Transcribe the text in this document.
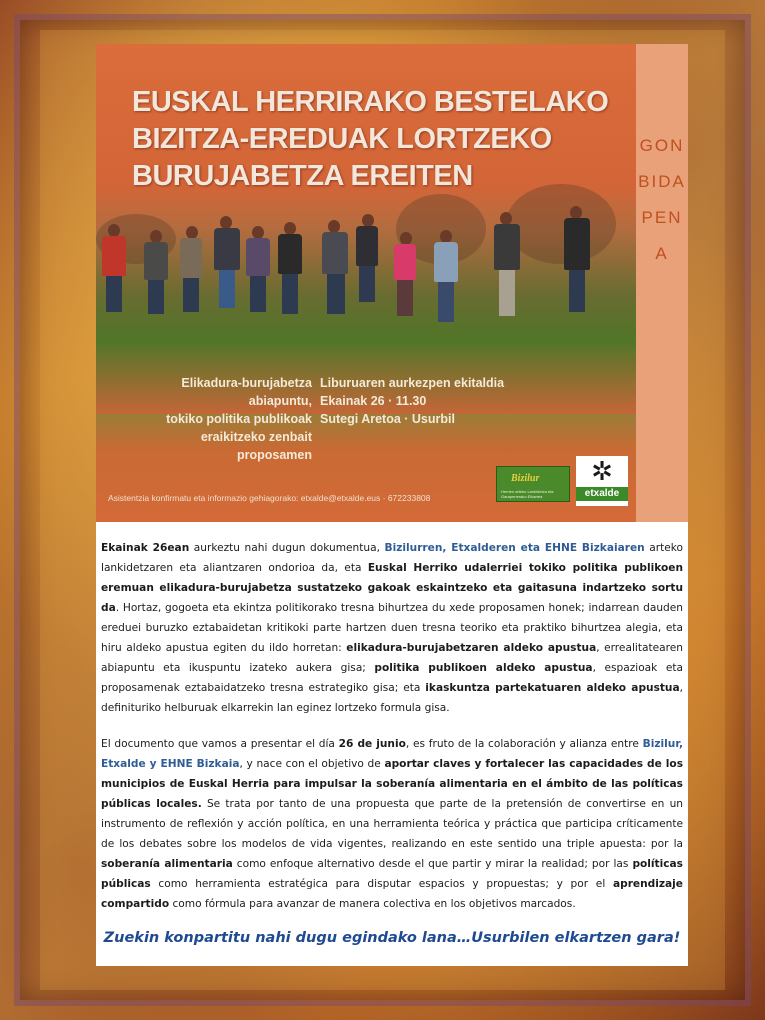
EUSKAL HERRIRAKO BESTELAKO
BIZITZA-EREDUAK LORTZEKO
BURUJABETZA EREITEN
GONBIDAPENA
Elikadura-burujabetza abiapuntu,
tokiko politika publikoak
eraikitzeko zenbait proposamen
Liburuaren aurkezpen ekitaldia
Ekainak 26 · 11.30
Sutegi Aretoa · Usurbil
Asistentzia konfirmatu eta informazio gehiagorako: etxalde@etxalde.eus · 672233808
Bizilur
Herrien arteko Lankidetza eta Garapenerako Elkartea
✲
etxalde

Ekainak 26ean aurkeztu nahi dugun dokumentua, Bizilurren, Etxalderen eta EHNE Bizkaiaren arteko lankidetzaren eta aliantzaren ondorioa da, eta Euskal Herriko udalerriei tokiko politika publikoen eremuan elikadura-burujabetza sustatzeko gakoak eskaintzeko eta gaitasuna indartzeko sortu da. Hortaz, gogoeta eta ekintza politikorako tresna bihurtzea du xede proposamen honek; indarrean dauden ereduei buruzko eztabaidetan kritikoki parte hartzen duen tresna teoriko eta praktiko bihurtzea alegia, eta hiru aldeko apustua egiten du ildo horretan: elikadura-burujabetzaren aldeko apustua, errealitatearen abiapuntu eta ikuspuntu izateko aukera gisa; politika publikoen aldeko apustua, espazioak eta proposamenak eztabaidatzeko tresna estrategiko gisa; eta ikaskuntza partekatuaren aldeko apustua, definituriko helburuak elkarrekin lan eginez lortzeko formula gisa.

El documento que vamos a presentar el día 26 de junio, es fruto de la colaboración y alianza entre Bizilur, Etxalde y EHNE Bizkaia, y nace con el objetivo de aportar claves y fortalecer las capacidades de los municipios de Euskal Herria para impulsar la soberanía alimentaria en el ámbito de las políticas públicas locales. Se trata por tanto de una propuesta que parte de la pretensión de convertirse en un instrumento de reflexión y acción política, en una herramienta teórica y práctica que participa críticamente de los debates sobre los modelos de vida vigentes, realizando en este sentido una triple apuesta: por la soberanía alimentaria como enfoque alternativo desde el que partir y mirar la realidad; por las políticas públicas como herramienta estratégica para disputar espacios y propuestas; y por el aprendizaje compartido como fórmula para avanzar de manera colectiva en los objetivos marcados.

Zuekin konpartitu nahi dugu egindako lana…Usurbilen elkartzen gara!
